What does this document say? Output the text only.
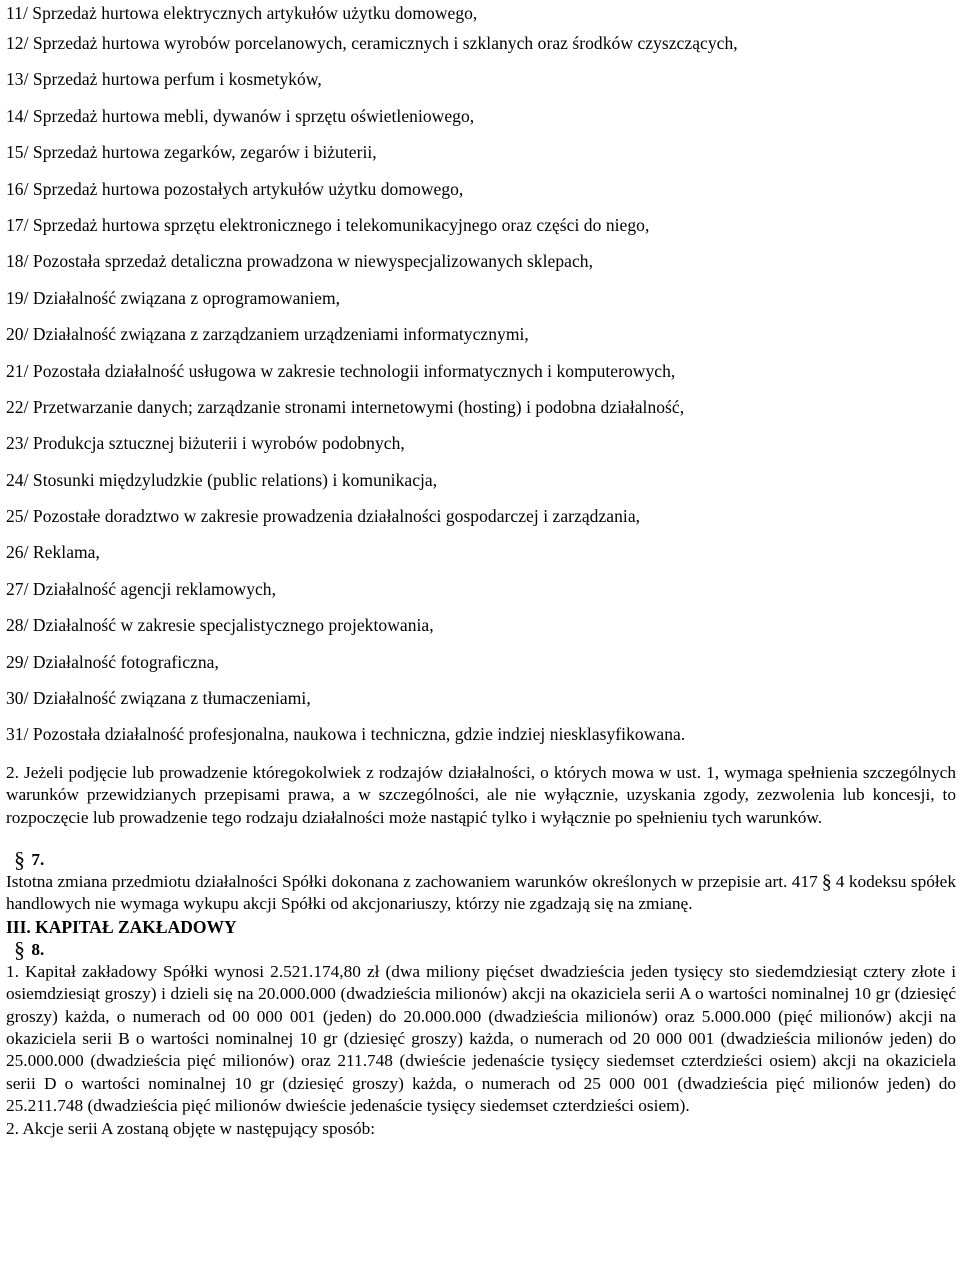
11/ Sprzedaż hurtowa elektrycznych artykułów użytku domowego,
12/ Sprzedaż hurtowa wyrobów porcelanowych, ceramicznych i szklanych oraz środków czyszczących,
13/ Sprzedaż hurtowa perfum i kosmetyków,
14/ Sprzedaż hurtowa mebli, dywanów i sprzętu oświetleniowego,
15/ Sprzedaż hurtowa zegarków, zegarów i biżuterii,
16/ Sprzedaż hurtowa pozostałych artykułów użytku domowego,
17/ Sprzedaż hurtowa sprzętu elektronicznego i telekomunikacyjnego oraz części do niego,
18/ Pozostała sprzedaż detaliczna prowadzona w niewyspecjalizowanych sklepach,
19/ Działalność związana z oprogramowaniem,
20/ Działalność związana z zarządzaniem urządzeniami informatycznymi,
21/ Pozostała działalność usługowa w zakresie technologii informatycznych i komputerowych,
22/ Przetwarzanie danych; zarządzanie stronami internetowymi (hosting) i podobna działalność,
23/ Produkcja sztucznej biżuterii i wyrobów podobnych,
24/ Stosunki międzyludzkie (public relations) i komunikacja,
25/ Pozostałe doradztwo w zakresie prowadzenia działalności gospodarczej i zarządzania,
26/ Reklama,
27/ Działalność agencji reklamowych,
28/ Działalność w zakresie specjalistycznego projektowania,
29/ Działalność fotograficzna,
30/ Działalność związana z tłumaczeniami,
31/ Pozostała działalność profesjonalna, naukowa i techniczna, gdzie indziej niesklasyfikowana.

2. Jeżeli podjęcie lub prowadzenie któregokolwiek z rodzajów działalności, o których mowa w ust. 1, wymaga spełnienia szczególnych warunków przewidzianych przepisami prawa, a w szczególności, ale nie wyłącznie, uzyskania zgody, zezwolenia lub koncesji, to rozpoczęcie lub prowadzenie tego rodzaju działalności może nastąpić tylko i wyłącznie po spełnieniu tych warunków.

§ 7.

Istotna zmiana przedmiotu działalności Spółki dokonana z zachowaniem warunków określonych w przepisie art. 417 § 4 kodeksu spółek handlowych nie wymaga wykupu akcji Spółki od akcjonariuszy, którzy nie zgadzają się na zmianę.

III. KAPITAŁ ZAKŁADOWY

§ 8.

1. Kapitał zakładowy Spółki wynosi 2.521.174,80 zł (dwa miliony pięćset dwadzieścia jeden tysięcy sto siedemdziesiąt cztery złote i osiemdziesiąt groszy) i dzieli się na 20.000.000 (dwadzieścia milionów) akcji na okaziciela serii A o wartości nominalnej 10 gr (dziesięć groszy) każda, o numerach od 00 000 001 (jeden) do 20.000.000 (dwadzieścia milionów) oraz 5.000.000 (pięć milionów) akcji na okaziciela serii B o wartości nominalnej 10 gr (dziesięć groszy) każda, o numerach od 20 000 001 (dwadzieścia milionów jeden) do 25.000.000 (dwadzieścia pięć milionów) oraz 211.748 (dwieście jedenaście tysięcy siedemset czterdzieści osiem) akcji na okaziciela serii D o wartości nominalnej 10 gr (dziesięć groszy) każda, o numerach od 25 000 001 (dwadzieścia pięć milionów jeden) do 25.211.748 (dwadzieścia pięć milionów dwieście jedenaście tysięcy siedemset czterdzieści osiem).

2. Akcje serii A zostaną objęte w następujący sposób:
